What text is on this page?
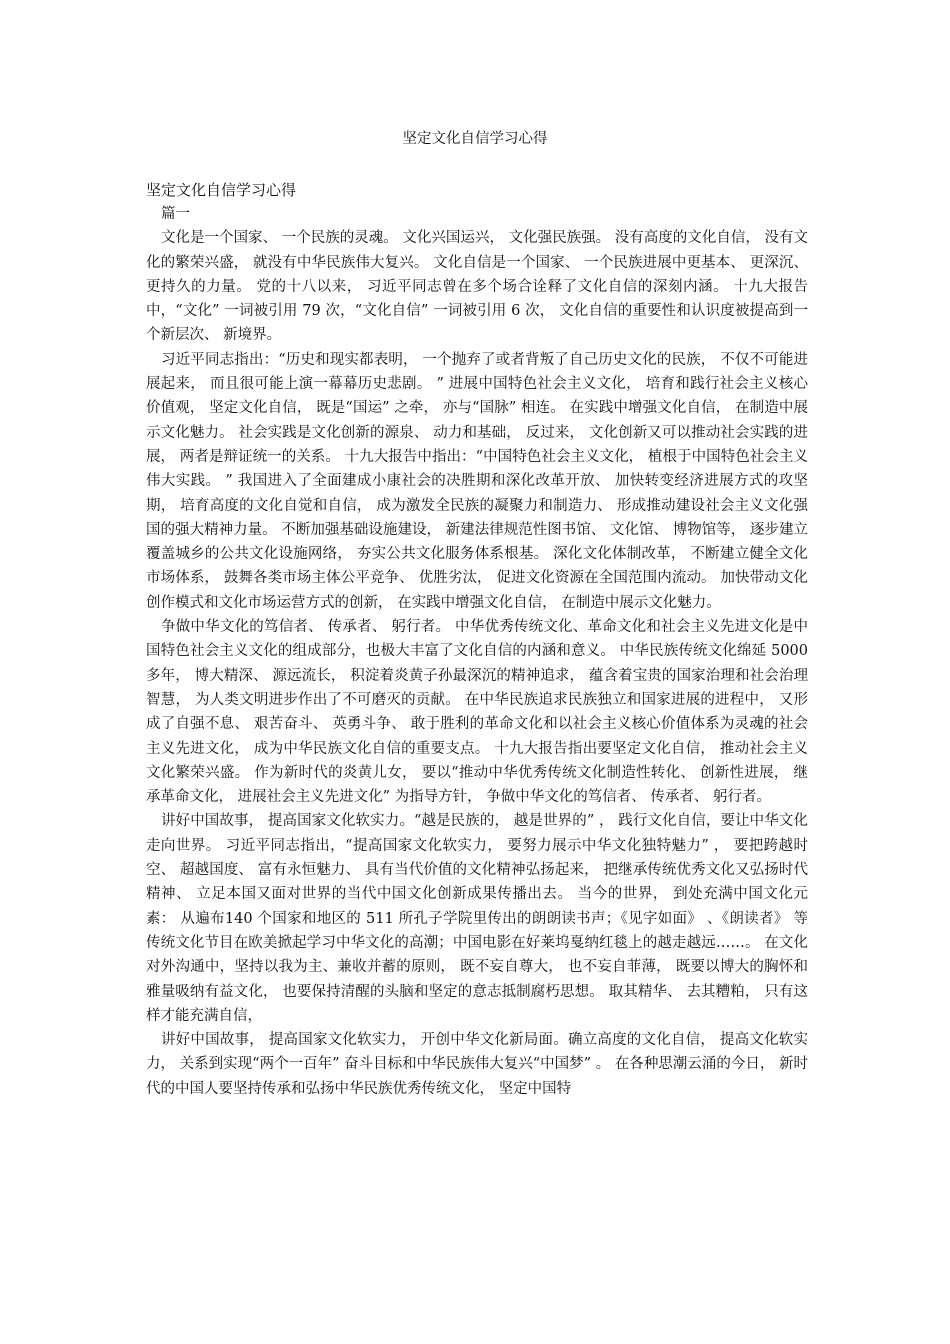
坚定文化自信学习心得

坚定文化自信学习心得

篇一

文化是一个国家、 一个民族的灵魂。 文化兴国运兴， 文化强民族强。 没有高度的文化自信， 没有文化的繁荣兴盛， 就没有中华民族伟大复兴。 文化自信是一个国家、 一个民族进展中更基本、 更深沉、 更持久的力量。 党的十八以来， 习近平同志曾在多个场合诠释了文化自信的深刻内涵。 十九大报告中，“文化” 一词被引用 79 次，“文化自信” 一词被引用 6 次， 文化自信的重要性和认识度被提高到一个新层次、 新境界。

习近平同志指出：“历史和现实都表明， 一个抛弃了或者背叛了自己历史文化的民族， 不仅不可能进展起来， 而且很可能上演一幕幕历史悲剧。 ” 进展中国特色社会主义文化， 培育和践行社会主义核心价值观， 坚定文化自信， 既是“国运” 之牵， 亦与“国脉” 相连。 在实践中增强文化自信， 在制造中展示文化魅力。 社会实践是文化创新的源泉、 动力和基础， 反过来， 文化创新又可以推动社会实践的进展， 两者是辩证统一的关系。 十九大报告中指出：“中国特色社会主义文化， 植根于中国特色社会主义伟大实践。 ” 我国进入了全面建成小康社会的决胜期和深化改革开放、 加快转变经济进展方式的攻坚期， 培育高度的文化自觉和自信， 成为激发全民族的凝聚力和制造力、 形成推动建设社会主义文化强国的强大精神力量。 不断加强基础设施建设， 新建法律规范性图书馆、 文化馆、 博物馆等， 逐步建立覆盖城乡的公共文化设施网络， 夯实公共文化服务体系根基。 深化文化体制改革， 不断建立健全文化市场体系， 鼓舞各类市场主体公平竞争、 优胜劣汰， 促进文化资源在全国范围内流动。 加快带动文化创作模式和文化市场运营方式的创新， 在实践中增强文化自信， 在制造中展示文化魅力。

争做中华文化的笃信者、 传承者、 躬行者。 中华优秀传统文化、革命文化和社会主义先进文化是中国特色社会主义文化的组成部分，也极大丰富了文化自信的内涵和意义。 中华民族传统文化绵延 5000 多年， 博大精深、 源远流长， 积淀着炎黄子孙最深沉的精神追求， 蕴含着宝贵的国家治理和社会治理智慧， 为人类文明进步作出了不可磨灭的贡献。 在中华民族追求民族独立和国家进展的进程中， 又形成了自强不息、 艰苦奋斗、 英勇斗争、 敢于胜利的革命文化和以社会主义核心价值体系为灵魂的社会主义先进文化， 成为中华民族文化自信的重要支点。 十九大报告指出要坚定文化自信， 推动社会主义文化繁荣兴盛。 作为新时代的炎黄儿女， 要以“推动中华优秀传统文化制造性转化、 创新性进展， 继承革命文化， 进展社会主义先进文化” 为指导方针， 争做中华文化的笃信者、 传承者、 躬行者。

讲好中国故事， 提高国家文化软实力。“越是民族的， 越是世界的” ， 践行文化自信，要让中华文化走向世界。 习近平同志指出，“提高国家文化软实力， 要努力展示中华文化独特魅力” ， 要把跨越时空、 超越国度、 富有永恒魅力、 具有当代价值的文化精神弘扬起来， 把继承传统优秀文化又弘扬时代精神、 立足本国又面对世界的当代中国文化创新成果传播出去。 当今的世界， 到处充满中国文化元素： 从遍布140 个国家和地区的 511 所孔子学院里传出的朗朗读书声；《见字如面》 、《朗读者》 等传统文化节目在欧美掀起学习中华文化的高潮；中国电影在好莱坞戛纳红毯上的越走越远……。 在文化对外沟通中，坚持以我为主、兼收并蓄的原则， 既不妄自尊大， 也不妄自菲薄， 既要以博大的胸怀和雅量吸纳有益文化， 也要保持清醒的头脑和坚定的意志抵制腐朽思想。 取其精华、 去其糟粕， 只有这样才能充满自信，

讲好中国故事， 提高国家文化软实力， 开创中华文化新局面。确立高度的文化自信， 提高文化软实力， 关系到实现“两个一百年” 奋斗目标和中华民族伟大复兴“中国梦” 。 在各种思潮云涌的今日， 新时代的中国人要坚持传承和弘扬中华民族优秀传统文化， 坚定中国特
